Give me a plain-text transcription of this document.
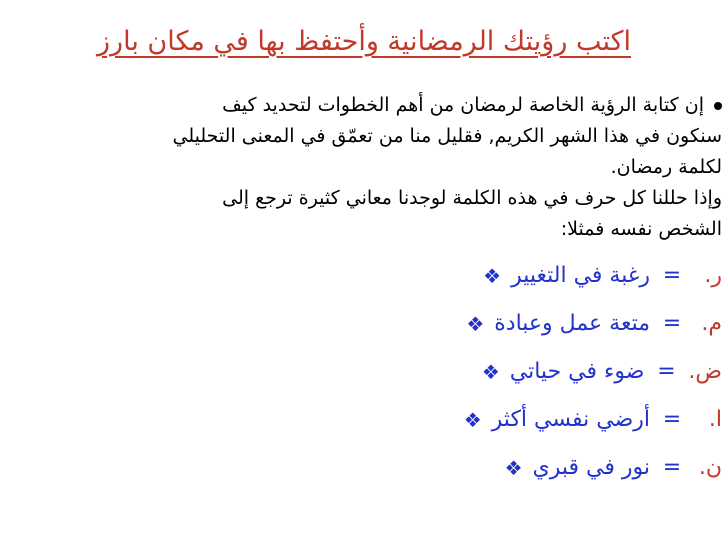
اكتب رؤيتك الرمضانية وأحتفظ بها في مكان بارز
إن كتابة الرؤية الخاصة لرمضان من أهم الخطوات لتحديد كيف
سنكون في هذا الشهر الكريم, فقليل منا من تعمّق في المعنى التحليلي
لكلمة رمضان.
وإذا حللنا كل حرف في هذه الكلمة لوجدنا معاني كثيرة ترجع إلى
الشخص نفسه فمثلا:
❖ رغبة في التغيير =	ر.
❖ متعة عمل وعبادة = م.
❖ ضوء في حياتي = ض.
❖ أرضي نفسي أكثر =	ا.
❖ نور في قبري = ن.
